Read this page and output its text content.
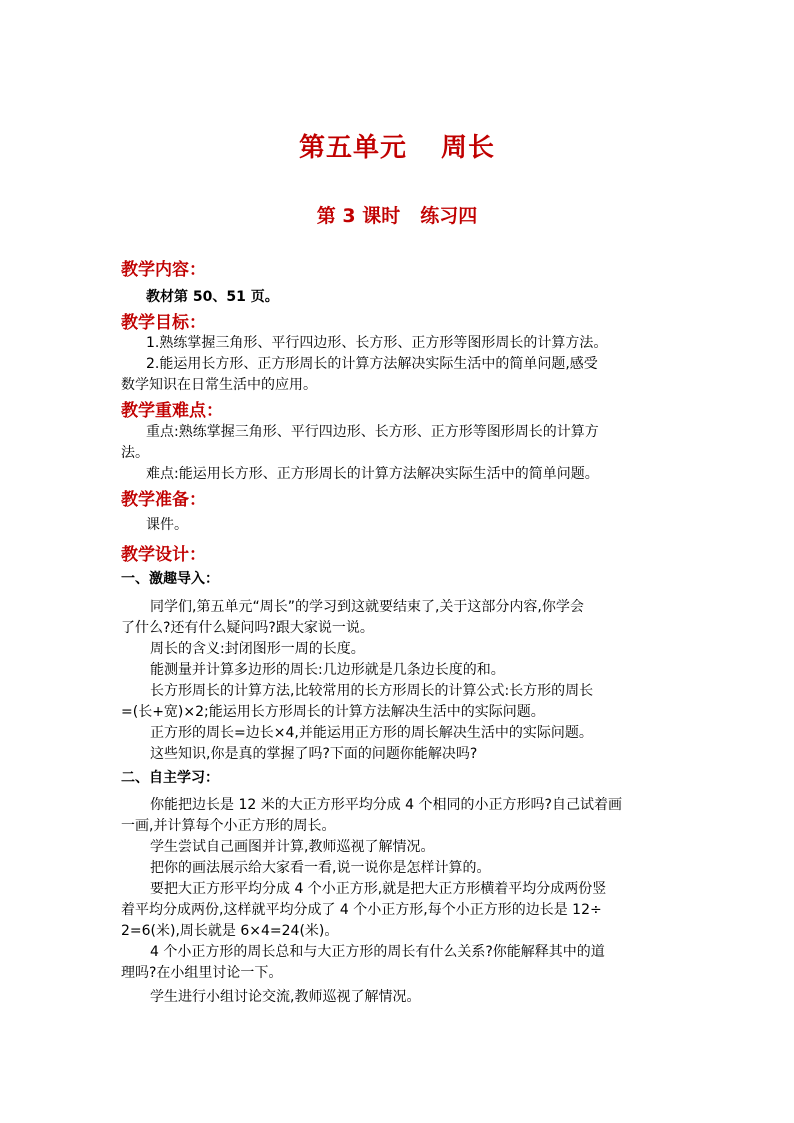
第五单元 周长
第 3 课时 练习四
教学内容：
教材第 50、51 页。
教学目标：
1.熟练掌握三角形、平行四边形、长方形、正方形等图形周长的计算方法。
2.能运用长方形、正方形周长的计算方法解决实际生活中的简单问题,感受
数学知识在日常生活中的应用。
教学重难点：
重点:熟练掌握三角形、平行四边形、长方形、正方形等图形周长的计算方
法。
难点:能运用长方形、正方形周长的计算方法解决实际生活中的简单问题。
教学准备：
课件。
教学设计：
一、激趣导入：
同学们,第五单元“周长”的学习到这就要结束了,关于这部分内容,你学会
了什么?还有什么疑问吗?跟大家说一说。
周长的含义:封闭图形一周的长度。
能测量并计算多边形的周长:几边形就是几条边长度的和。
长方形周长的计算方法,比较常用的长方形周长的计算公式:长方形的周长
=(长+宽)×2;能运用长方形周长的计算方法解决生活中的实际问题。
正方形的周长=边长×4,并能运用正方形的周长解决生活中的实际问题。
这些知识,你是真的掌握了吗?下面的问题你能解决吗?
二、自主学习：
你能把边长是 12 米的大正方形平均分成 4 个相同的小正方形吗?自己试着画
一画,并计算每个小正方形的周长。
学生尝试自己画图并计算,教师巡视了解情况。
把你的画法展示给大家看一看,说一说你是怎样计算的。
要把大正方形平均分成 4 个小正方形,就是把大正方形横着平均分成两份竖
着平均分成两份,这样就平均分成了 4 个小正方形,每个小正方形的边长是 12÷
2=6(米),周长就是 6×4=24(米)。
4 个小正方形的周长总和与大正方形的周长有什么关系?你能解释其中的道
理吗?在小组里讨论一下。
学生进行小组讨论交流,教师巡视了解情况。
